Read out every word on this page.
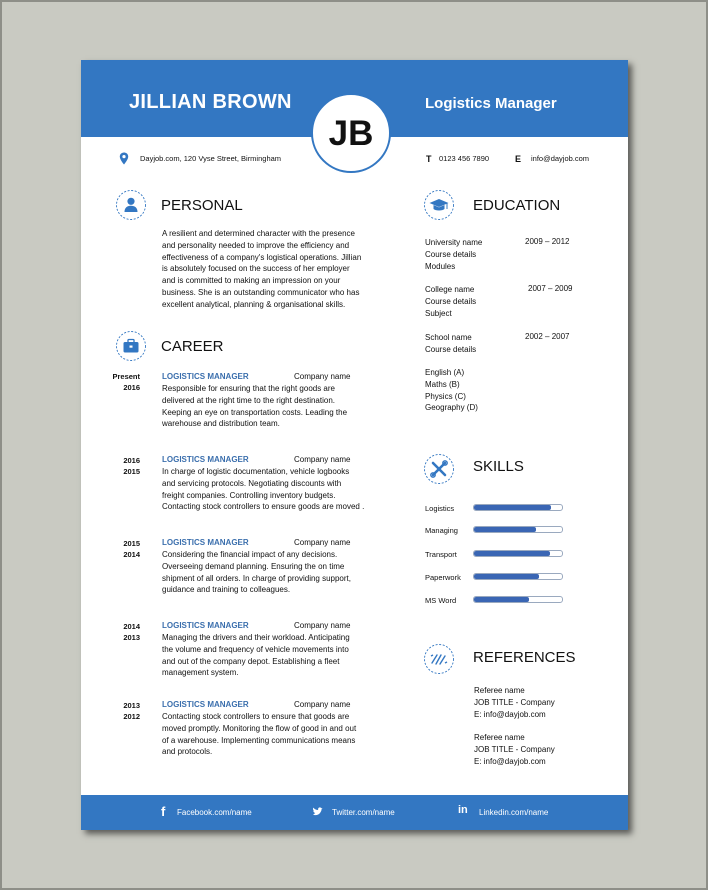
JILLIAN BROWN	Logistics Manager
JB
Dayjob.com, 120 Vyse Street, Birmingham	T 0123 456 7890	E info@dayjob.com
PERSONAL
A resilient and determined character with the presence
and personality needed to improve the efficiency and
effectiveness of a company's logistical operations. Jillian
is absolutely focused on the success of her employer
and is committed to making an impression on your
business. She is an outstanding communicator who has
excellent analytical, planning & organisational skills.
CAREER
Present
2016
LOGISTICS MANAGER	Company name
Responsible for ensuring that the right goods are
delivered at the right time to the right destination.
Keeping an eye on transportation costs. Leading the
warehouse and distribution team.
2016
2015
LOGISTICS MANAGER	Company name
In charge of logistic documentation, vehicle logbooks
and servicing protocols. Negotiating discounts with
freight companies. Controlling inventory budgets.
Contacting stock controllers to ensure goods are moved .
2015
2014
LOGISTICS MANAGER	Company name
Considering the financial impact of any decisions.
Overseeing demand planning. Ensuring the on time
shipment of all orders. In charge of providing support,
guidance and training to colleagues.
2014
2013
LOGISTICS MANAGER	Company name
Managing the drivers and their workload. Anticipating
the volume and frequency of vehicle movements into
and out of the company depot. Establishing a fleet
management system.
2013
2012
LOGISTICS MANAGER	Company name
Contacting stock controllers to ensure that goods are
moved promptly. Monitoring the flow of good in and out
of a warehouse. Implementing communications means
and protocols.
EDUCATION
University name
Course details
Modules
2009 – 2012
College name
Course details
Subject
2007 – 2009
School name
Course details
2002 – 2007
English (A)
Maths (B)
Physics (C)
Geography (D)
SKILLS
Logistics
Managing
Transport
Paperwork
MS Word
REFERENCES
Referee name
JOB TITLE - Company
E: info@dayjob.com
Referee name
JOB TITLE - Company
E: info@dayjob.com
f Facebook.com/name	Twitter.com/name	in Linkedin.com/name
